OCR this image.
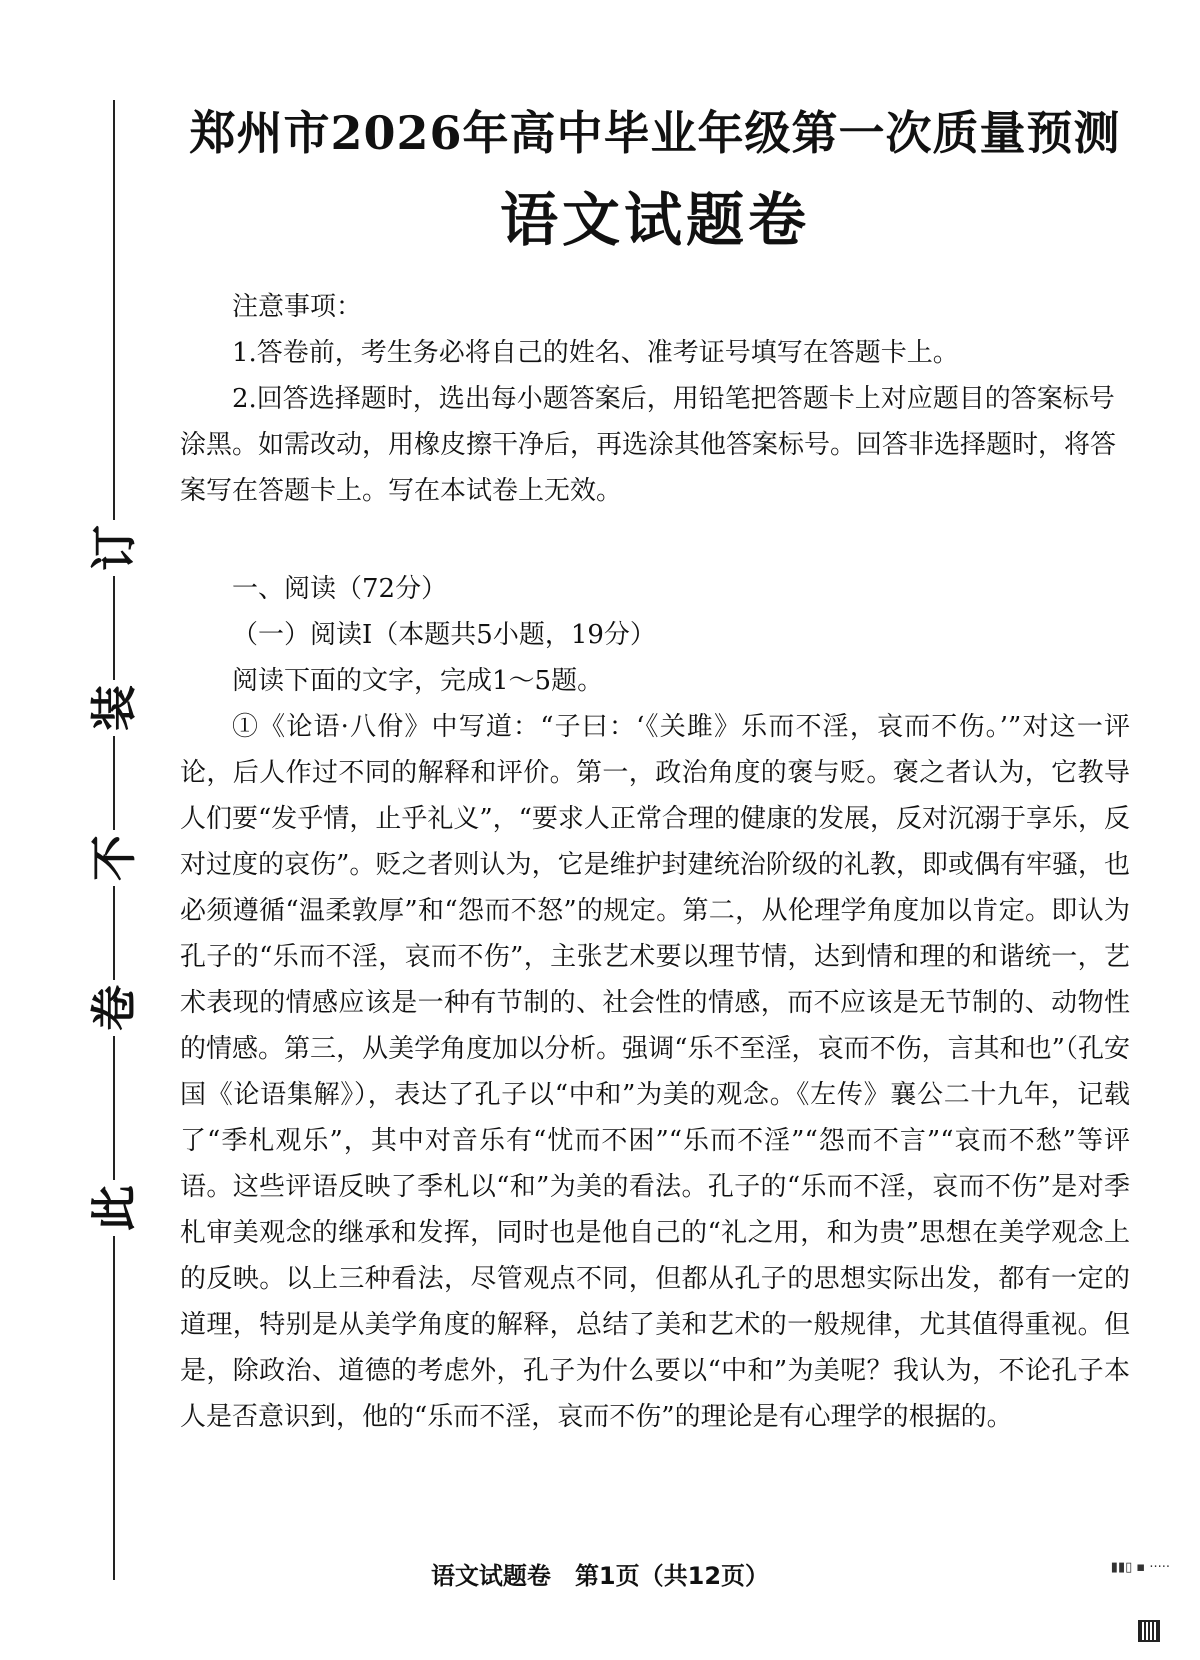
此
卷
不
装
订
郑州市2026年高中毕业年级第一次质量预测
语文试题卷
注意事项：

1.答卷前，考生务必将自己的姓名、准考证号填写在答题卡上。

2.回答选择题时，选出每小题答案后，用铅笔把答题卡上对应题目的答案标号涂黑。如需改动，用橡皮擦干净后，再选涂其他答案标号。回答非选择题时，将答案写在答题卡上。写在本试卷上无效。

一、阅读（72分）
（一）阅读Ⅰ（本题共5小题，19分）
阅读下面的文字，完成1～5题。

①《论语·八佾》中写道：“子曰：‘《关雎》乐而不淫，哀而不伤。’”对这一评论，后人作过不同的解释和评价。第一，政治角度的褒与贬。褒之者认为，它教导人们要“发乎情，止乎礼义”，“要求人正常合理的健康的发展，反对沉溺于享乐，反对过度的哀伤”。贬之者则认为，它是维护封建统治阶级的礼教，即或偶有牢骚，也必须遵循“温柔敦厚”和“怨而不怒”的规定。第二，从伦理学角度加以肯定。即认为孔子的“乐而不淫，哀而不伤”，主张艺术要以理节情，达到情和理的和谐统一，艺术表现的情感应该是一种有节制的、社会性的情感，而不应该是无节制的、动物性的情感。第三，从美学角度加以分析。强调“乐不至淫，哀而不伤，言其和也”（孔安国《论语集解》），表达了孔子以“中和”为美的观念。《左传》襄公二十九年，记载了“季札观乐”，其中对音乐有“忧而不困”“乐而不淫”“怨而不言”“哀而不愁”等评语。这些评语反映了季札以“和”为美的看法。孔子的“乐而不淫，哀而不伤”是对季札审美观念的继承和发挥，同时也是他自己的“礼之用，和为贵”思想在美学观念上的反映。以上三种看法，尽管观点不同，但都从孔子的思想实际出发，都有一定的道理，特别是从美学角度的解释，总结了美和艺术的一般规律，尤其值得重视。但是，除政治、道德的考虑外，孔子为什么要以“中和”为美呢？我认为，不论孔子本人是否意识到，他的“乐而不淫，哀而不伤”的理论是有心理学的根据的。

语文试题卷 第1页（共12页）	▮▮▯ ▪ ·····
